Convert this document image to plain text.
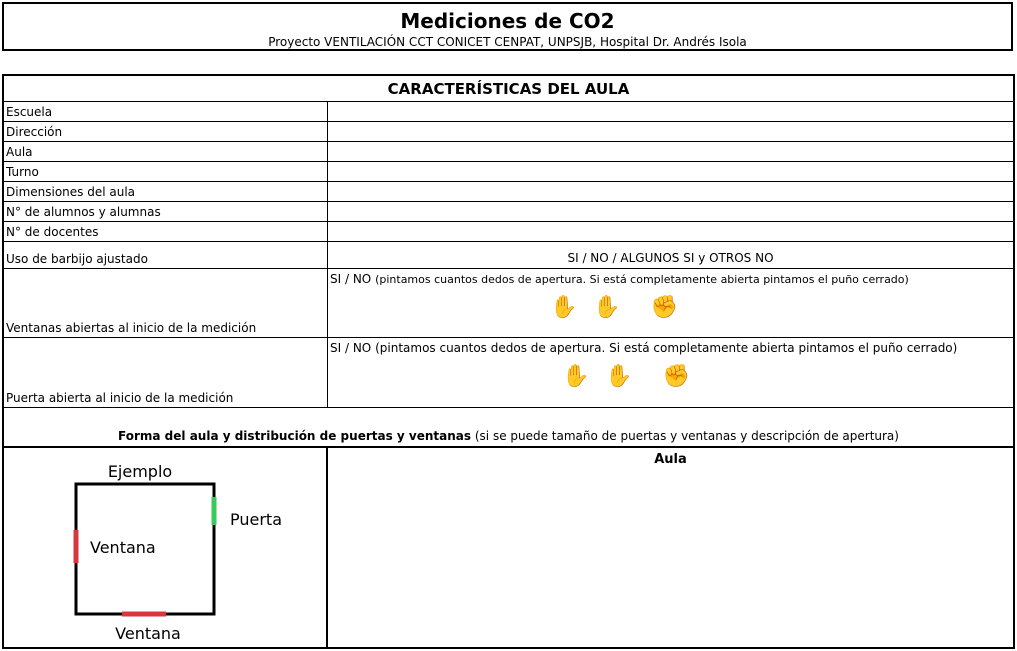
Mediciones de CO2
Proyecto VENTILACIÓN CCT CONICET CENPAT, UNPSJB, Hospital Dr. Andrés Isola
CARACTERÍSTICAS DEL AULA
Escuela
Dirección
Aula
Turno
Dimensiones del aula
N° de alumnos y alumnas
N° de docentes
Uso de barbijo ajustado	SI / NO / ALGUNOS SI y OTROS NO
Ventanas abiertas al inicio de la medición
SI / NO (pintamos cuantos dedos de apertura. Si está completamente abierta pintamos el puño cerrado)
✋ ✋ ✊
Puerta abierta al inicio de la medición
SI / NO (pintamos cuantos dedos de apertura. Si está completamente abierta pintamos el puño cerrado)
✋ ✋ ✊
Forma del aula y distribución de puertas y ventanas (si se puede tamaño de puertas y ventanas y descripción de apertura)
Ejemplo
Puerta
Ventana
Ventana
Aula
